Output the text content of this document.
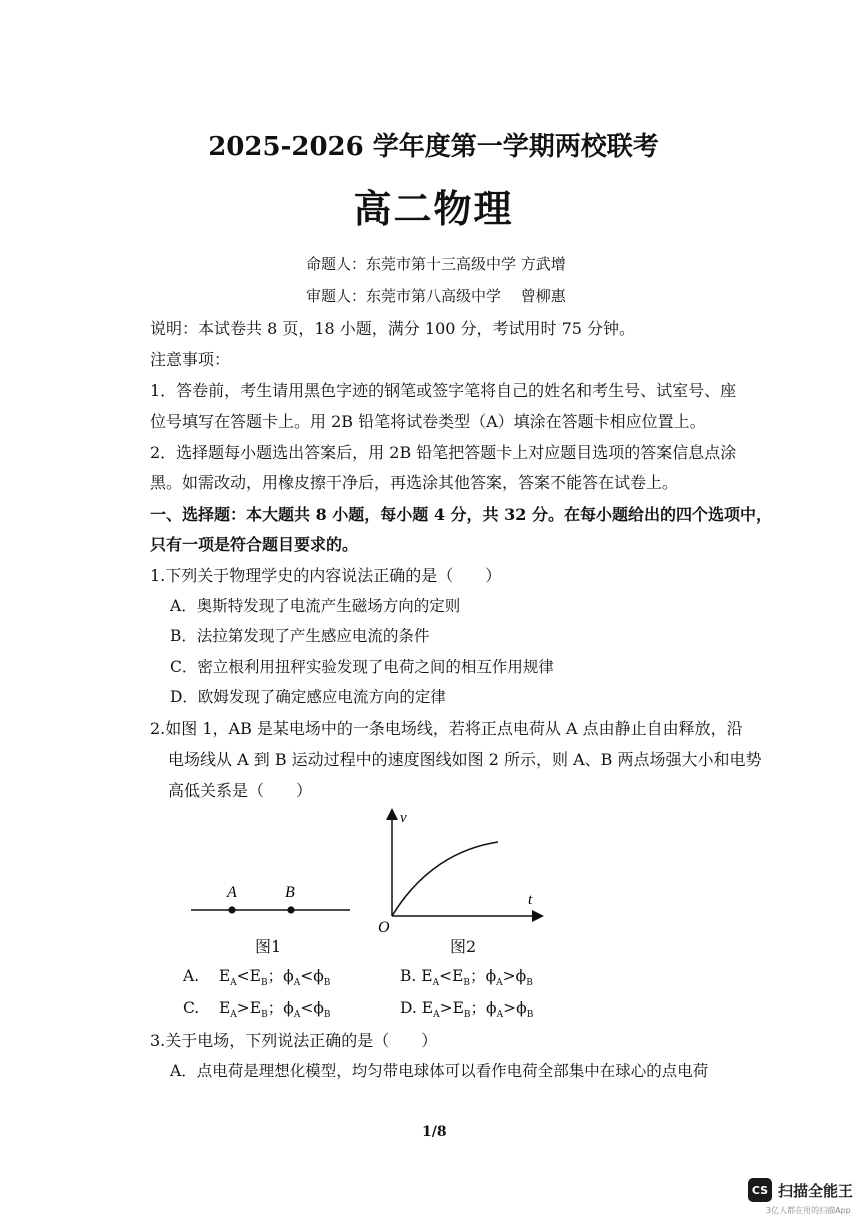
2025-2026 学年度第一学期两校联考
高二物理
命题人：东莞市第十三高级中学 方武增
审题人：东莞市第八高级中学　 曾柳惠
说明：本试卷共 8 页，18 小题，满分 100 分，考试用时 75 分钟。
注意事项：
1．答卷前，考生请用黑色字迹的钢笔或签字笔将自己的姓名和考生号、试室号、座
位号填写在答题卡上。用 2B 铅笔将试卷类型（A）填涂在答题卡相应位置上。
2．选择题每小题选出答案后，用 2B 铅笔把答题卡上对应题目选项的答案信息点涂
黑。如需改动，用橡皮擦干净后，再选涂其他答案，答案不能答在试卷上。
一、选择题：本大题共 8 小题，每小题 4 分，共 32 分。在每小题给出的四个选项中，
只有一项是符合题目要求的。
1.下列关于物理学史的内容说法正确的是（　　）
A．奥斯特发现了电流产生磁场方向的定则
B．法拉第发现了产生感应电流的条件
C．密立根利用扭秤实验发现了电荷之间的相互作用规律
D．欧姆发现了确定感应电流方向的定律
2.如图 1，AB 是某电场中的一条电场线，若将正点电荷从 A 点由静止自由释放，沿
电场线从 A 到 B 运动过程中的速度图线如图 2 所示，则 A、B 两点场强大小和电势
高低关系是（　　）
A	B
图1
v
t
O
图2
A. $E_A<E_B$；$\phi_A<\phi_B$	B. $E_A<E_B$；$\phi_A>\phi_B$
C. $E_A>E_B$；$\phi_A<\phi_B$	D. $E_A>E_B$；$\phi_A>\phi_B$
3.关于电场，下列说法正确的是（　　）
A．点电荷是理想化模型，均匀带电球体可以看作电荷全部集中在球心的点电荷
1/8
CS 扫描全能王
3亿人都在用的扫描App
